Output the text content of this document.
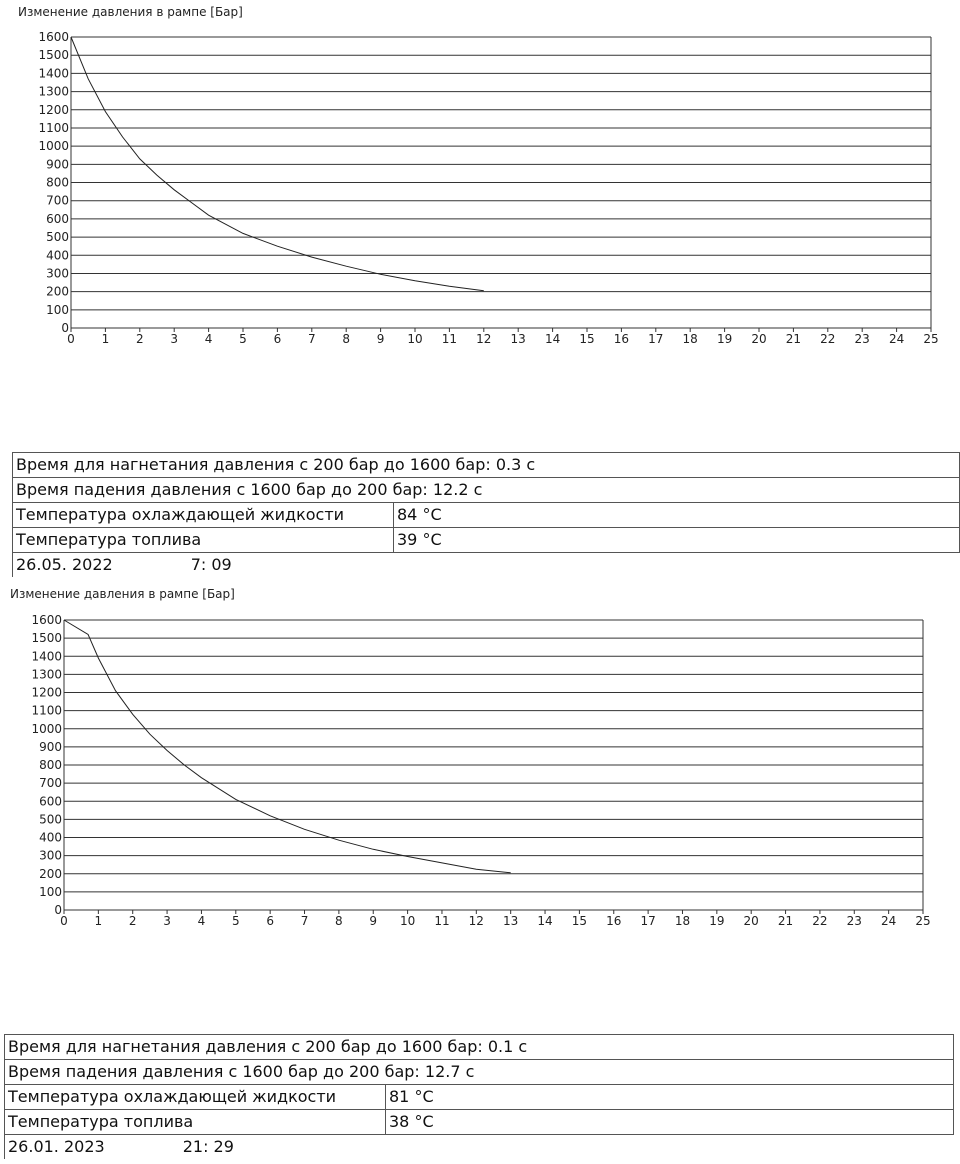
Изменение давления в рампе [Бар]
0
100
200
300
400
500
600
700
800
900
1000
1100
1200
1300
1400
1500
1600
0 1 2 3 4 5 6 7 8 9 10 11 12 13 14 15 16 17 18 19 20 21 22 23 24 25
Время для нагнетания давления с 200 бар до 1600 бар: 0.3 с	
Время падения давления с 1600 бар до 200 бар: 12.2 с	
Температура охлаждающей жидкости	84 °C
Температура топлива	39 °C
26.05. 2022 7: 09	
Изменение давления в рампе [Бар]
0
100
200
300
400
500
600
700
800
900
1000
1100
1200
1300
1400
1500
1600
0 1 2 3 4 5 6 7 8 9 10 11 12 13 14 15 16 17 18 19 20 21 22 23 24 25
Время для нагнетания давления с 200 бар до 1600 бар: 0.1 с	
Время падения давления с 1600 бар до 200 бар: 12.7 с	
Температура охлаждающей жидкости	81 °C
Температура топлива	38 °C
26.01. 2023 21: 29	
